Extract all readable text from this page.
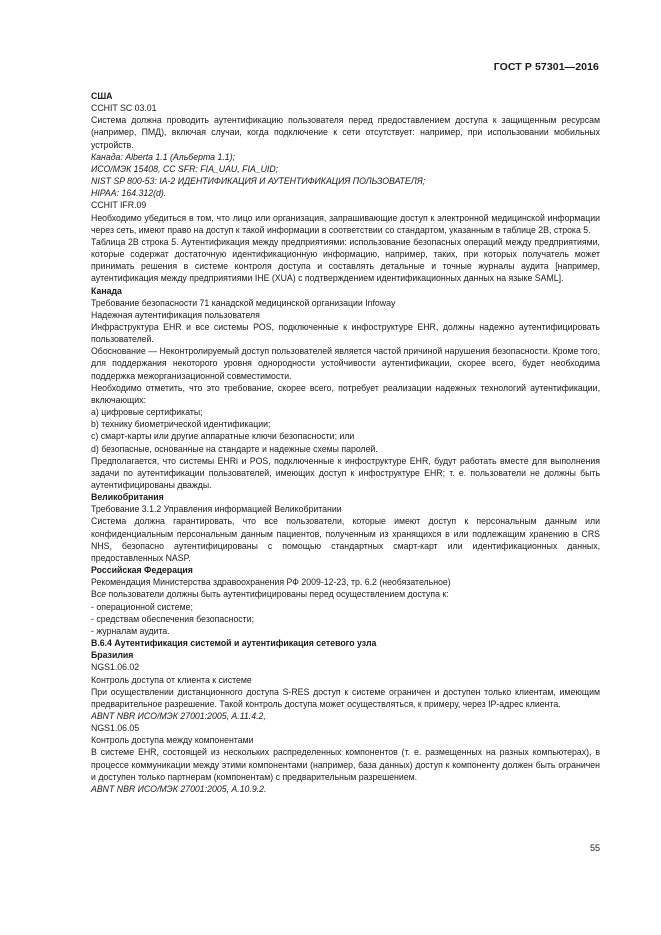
ГОСТ Р 57301—2016
США
CCHIT SC 03.01
Система должна проводить аутентификацию пользователя перед предоставлением доступа к защищенным ресурсам (например, ПМД), включая случаи, когда подключение к сети отсутствует: например, при использовании мобильных устройств.
Канада: Alberta 1.1 (Альберта 1.1);
ИСО/МЭК 15408, CC SFR: FIA_UAU, FIA_UID;
NIST SP 800-53: IA-2 ИДЕНТИФИКАЦИЯ И АУТЕНТИФИКАЦИЯ ПОЛЬЗОВАТЕЛЯ;
HIPAA: 164.312(d).
CCHIT IFR.09
Необходимо убедиться в том, что лицо или организация, запрашивающие доступ к электронной медицинской информации через сеть, имеют право на доступ к такой информации в соответствии со стандартом, указанным в таблице 2В, строка 5.
Таблица 2В строка 5. Аутентификация между предприятиями: использование безопасных операций между предприятиями, которые содержат достаточную идентификационную информацию, например, таких, при которых получатель может принимать решения в системе контроля доступа и составлять детальные и точные журналы аудита [например, аутентификация между предприятиями IHE (XUA) с подтверждением идентификационных данных на языке SAML].
Канада
Требование безопасности 71 канадской медицинской организации Infoway
Надежная аутентификация пользователя
Инфраструктура EHR и все системы POS, подключенные к инфоструктуре EHR, должны надежно аутентифицировать пользователей.
Обоснование — Неконтролируемый доступ пользователей является частой причиной нарушения безопасности. Кроме того, для поддержания некоторого уровня однородности устойчивости аутентификации, скорее всего, будет необходима поддержка межорганизационной совместимости.
Необходимо отметить, что это требование, скорее всего, потребует реализации надежных технологий аутентификации, включающих:
a) цифровые сертификаты;
b) технику биометрической идентификации;
c) смарт-карты или другие аппаратные ключи безопасности; или
d) безопасные, основанные на стандарте и надежные схемы паролей.
Предполагается, что системы EHRi и POS, подключенные к инфоструктуре EHR, будут работать вместе для выполнения задачи по аутентификации пользователей, имеющих доступ к инфоструктуре EHR; т. е. пользователи не должны быть аутентифицированы дважды.
Великобритания
Требование 3.1.2 Управления информацией Великобритании
Система должна гарантировать, что все пользователи, которые имеют доступ к персональным данным или конфиденциальным персональным данным пациентов, полученным из хранящихся в или подлежащим хранению в CRS NHS, безопасно аутентифицированы с помощью стандартных смарт-карт или идентификационных данных, предоставленных NASP.
Российская Федерация
Рекомендация Министерства здравоохранения РФ 2009-12-23, тр. 6.2 (необязательное)
Все пользователи должны быть аутентифицированы перед осуществлением доступа к:
- операционной системе;
- средствам обеспечения безопасности;
- журналам аудита.
B.6.4 Аутентификация системой и аутентификация сетевого узла
Бразилия
NGS1.06.02
Контроль доступа от клиента к системе
При осуществлении дистанционного доступа S-RES доступ к системе ограничен и доступен только клиентам, имеющим предварительное разрешение. Такой контроль доступа может осуществляться, к примеру, через IP-адрес клиента.
ABNT NBR ИСО/МЭК 27001:2005, A.11.4.2,
NGS1.06.05
Контроль доступа между компонентами
В системе EHR, состоящей из нескольких распределенных компонентов (т. е. размещенных на разных компьютерах), в процессе коммуникации между этими компонентами (например, база данных) доступ к компоненту должен быть ограничен и доступен только партнерам (компонентам) с предварительным разрешением.
ABNT NBR ИСО/МЭК 27001:2005, A.10.9.2.
55
